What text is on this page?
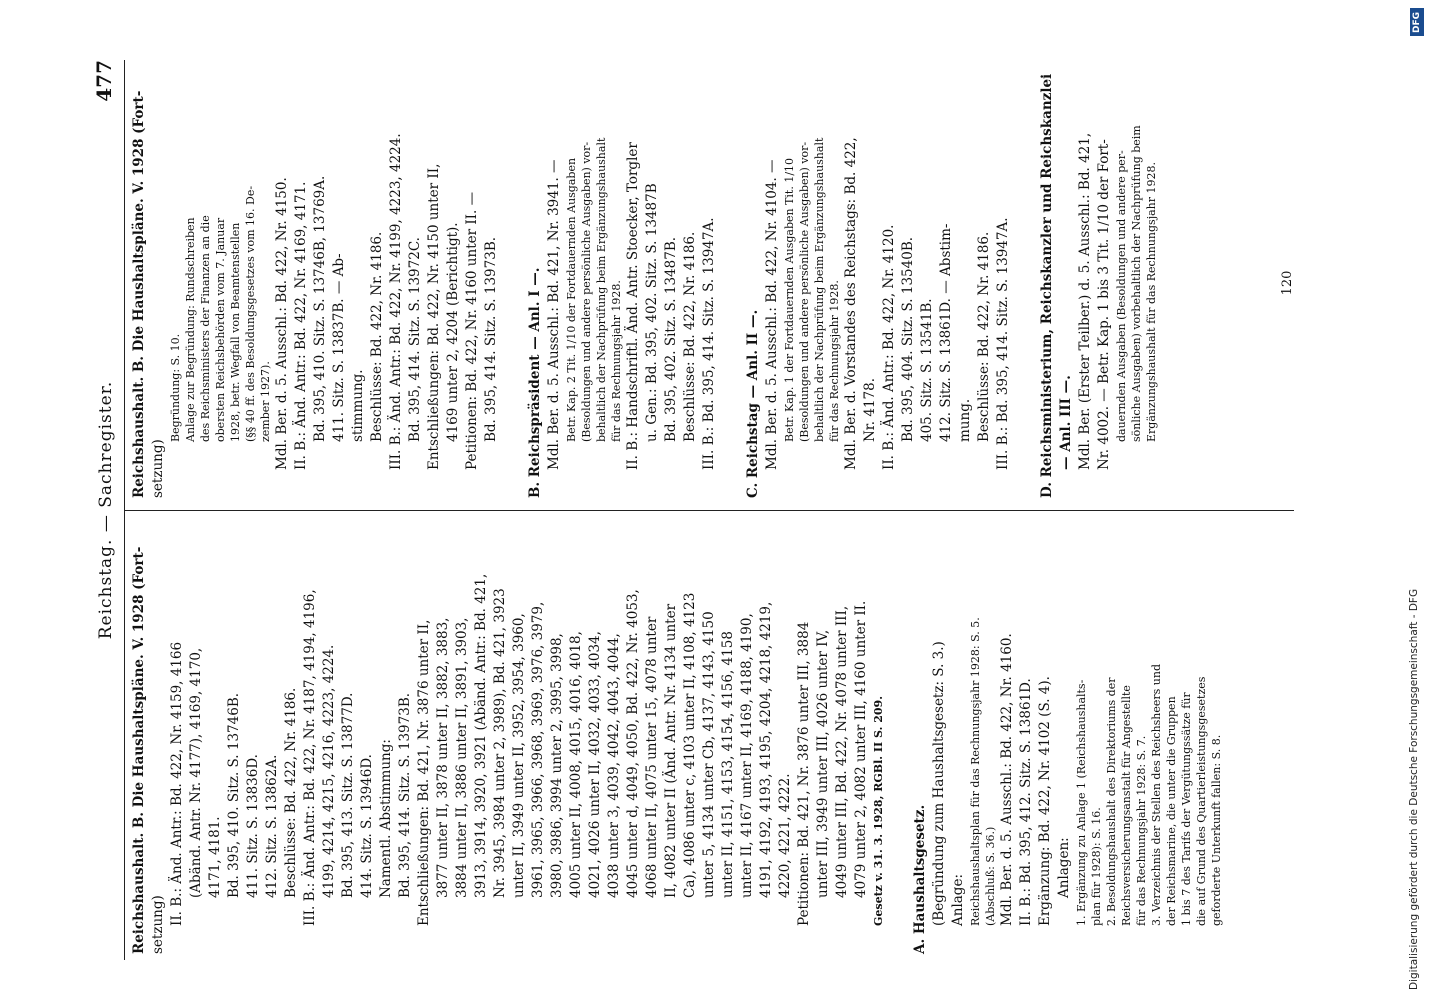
Reichstag. — Sachregister.
477

Reichshaushalt. B. Die Haushaltspläne. V. 1928 (Fort- setzung) II. B.: Änd. Antr.: Bd. 422, Nr. 4159, 4166 (Abänd. Antr. Nr. 4177), 4169, 4170, 4171, 4181. Bd. 395, 410. Sitz. S. 13746B. 411. Sitz. S. 13836D. 412. Sitz. S. 13862A. Beschlüsse: Bd. 422, Nr. 4186. III. B.: Änd. Antr.: Bd. 422, Nr. 4187, 4194, 4196, 4199, 4214, 4215, 4216, 4223, 4224. Bd. 395, 413. Sitz. S. 13877D. 414. Sitz. S. 13946D. Namentl. Abstimmung: Bd. 395, 414. Sitz. S. 13973B. Entschließungen: Bd. 421, Nr. 3876 unter II, 3877 unter II, 3878 unter II, 3882, 3883, 3884 unter II, 3886 unter II, 3891, 3903, 3913, 3914, 3920, 3921 (Abänd. Antr.: Bd. 421, Nr. 3945, 3984 unter 2, 3989), Bd. 421, 3923 unter II, 3949 unter II, 3952, 3954, 3960, 3961, 3965, 3966, 3968, 3969, 3976, 3979, 3980, 3986, 3994 unter 2, 3995, 3998, 4005 unter II, 4008, 4015, 4016, 4018, 4021, 4026 unter II, 4032, 4033, 4034, 4038 unter 3, 4039, 4042, 4043, 4044, 4045 unter d, 4049, 4050, Bd. 422, Nr. 4053, 4068 unter II, 4075 unter 15, 4078 unter II, 4082 unter II (Änd. Antr. Nr. 4134 unter Ca), 4086 unter c, 4103 unter II, 4108, 4123 unter 5, 4134 unter Cb, 4137, 4143, 4150 unter II, 4151, 4153, 4154, 4156, 4158 unter II, 4167 unter II, 4169, 4188, 4190, 4191, 4192, 4193, 4195, 4204, 4218, 4219, 4220, 4221, 4222. Petitionen: Bd. 421, Nr. 3876 unter III, 3884 unter III, 3949 unter III, 4026 unter IV, 4049 unter III, Bd. 422, Nr. 4078 unter III, 4079 unter 2, 4082 unter III, 4160 unter II. Gesetz v. 31. 3. 1928, RGBl. II S. 209.

A. Haushaltsgesetz. (Begründung zum Haushaltsgesetz: S. 3.) Anlage: Reichshaushaltsplan für das Rechnungsjahr 1928: S. 5. (Abschluß: S. 36.) Mdl. Ber. d. 5. Ausschl.: Bd. 422, Nr. 4160. II. B.: Bd. 395, 412. Sitz. S. 13861D. Ergänzung: Bd. 422, Nr. 4102 (S. 4). Anlagen: 1. Ergänzung zu Anlage 1 (Reichshaushalts- plan für 1928): S. 16. 2. Besoldungshaushalt des Direktoriums der Reichsversicherungsanstalt für Angestellte für das Rechnungsjahr 1928: S. 7. 3. Verzeichnis der Stellen des Reichsheers und der Reichsmarine, die unter die Gruppen 1 bis 7 des Tarifs der Vergütungssätze für die auf Grund des Quartierleistungsgesetzes geforderte Unterkunft fallen: S. 8.

Reichshaushalt. B. Die Haushaltspläne. V. 1928 (Fort- setzung)

Begründung: S. 10. Anlage zur Begründung: Rundschreiben des Reichsministers der Finanzen an die obersten Reichsbehörden vom 7. Januar 1928, betr. Wegfall von Beamtenstellen (§§ 40 ff. des Besoldungsgesetzes vom 16. De- zember 1927). Mdl. Ber. d. 5. Ausschl.: Bd. 422, Nr. 4150. II. B.: Änd. Antr.: Bd. 422, Nr. 4169, 4171. Bd. 395, 410. Sitz. S. 13746B, 13769A. 411. Sitz. S. 13837B. — Ab- stimmung. Beschlüsse: Bd. 422, Nr. 4186. III. B.: Änd. Antr.: Bd. 422, Nr. 4199, 4223, 4224. Bd. 395, 414. Sitz. S. 13972C. Entschließungen: Bd. 422, Nr. 4150 unter II, 4169 unter 2, 4204 (Berichtigt). Petitionen: Bd. 422, Nr. 4160 unter II. — Bd. 395, 414. Sitz. S. 13973B.

B. Reichspräsident — Anl. I —. Mdl. Ber. d. 5. Ausschl.: Bd. 421, Nr. 3941. — Betr. Kap. 2 Tit. 1/10 der Fortdauernden Ausgaben (Besoldungen und andere persönliche Ausgaben) vor- behaltlich der Nachprüfung beim Ergänzungshaushalt für das Rechnungsjahr 1928. II. B.: Handschriftl. Änd. Antr. Stoecker, Torgler u. Gen.: Bd. 395, 402. Sitz. S. 13487B Bd. 395, 402. Sitz. S. 13487B. Beschlüsse: Bd. 422, Nr. 4186. III. B.: Bd. 395, 414. Sitz. S. 13947A.

C. Reichstag — Anl. II —. Mdl. Ber. d. 5. Ausschl.: Bd. 422, Nr. 4104. — Betr. Kap. 1 der Fortdauernden Ausgaben Tit. 1/10 (Besoldungen und andere persönliche Ausgaben) vor- behaltlich der Nachprüfung beim Ergänzungshaushalt für das Rechnungsjahr 1928. Mdl. Ber. d. Vorstandes des Reichstags: Bd. 422, Nr. 4178. II. B.: Änd. Antr.: Bd. 422, Nr. 4120. Bd. 395, 404. Sitz. S. 13540B. 405. Sitz. S. 13541B. 412. Sitz. S. 13861D. — Abstim- mung. Beschlüsse: Bd. 422, Nr. 4186. III. B.: Bd. 395, 414. Sitz. S. 13947A.

D. Reichsministerium, Reichskanzler und Reichskanzlei — Anl. III —. Mdl. Ber. (Erster Teilber.) d. 5. Ausschl.: Bd. 421, Nr. 4002. — Betr. Kap. 1 bis 3 Tit. 1/10 der Fort- dauernden Ausgaben (Besoldungen und andere per- sönliche Ausgaben) vorbehaltlich der Nachprüfung beim Ergänzungshaushalt für das Rechnungsjahr 1928.	120
DFG
Digitalisierung gefördert durch die Deutsche Forschungsgemeinschaft - DFG
